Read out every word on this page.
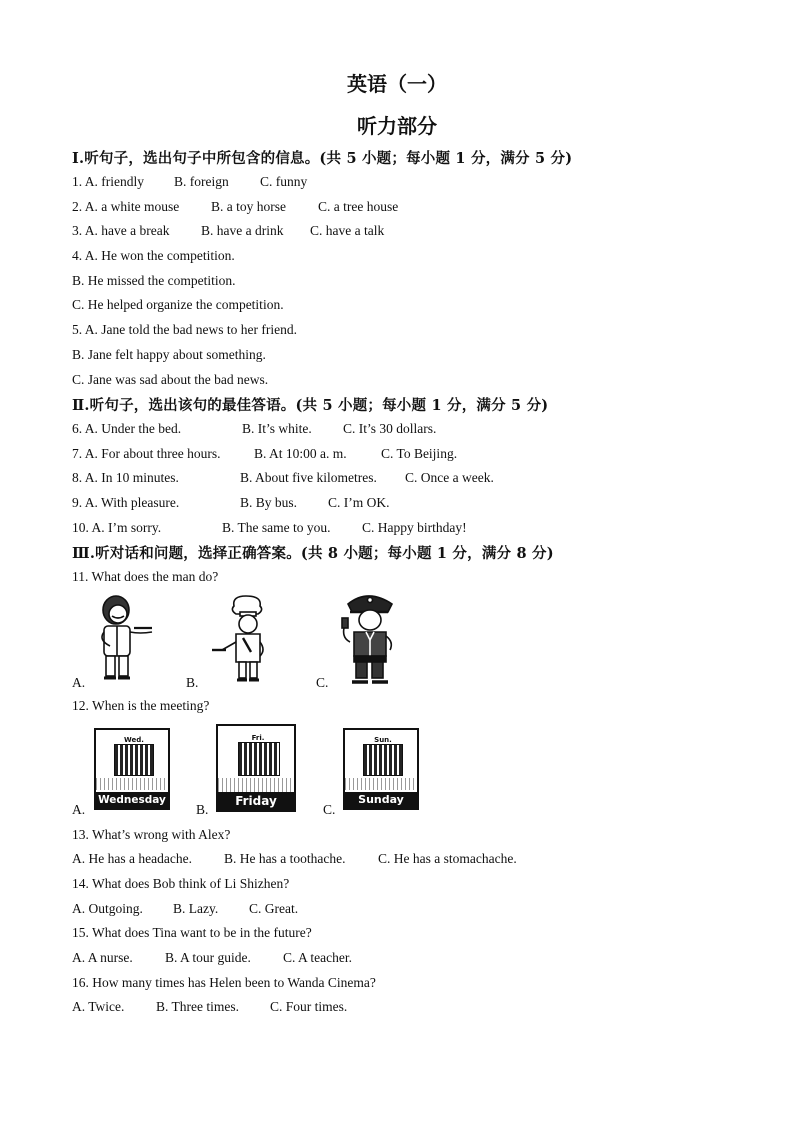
英语（一）
听力部分
Ⅰ.听句子，选出句子中所包含的信息。(共 5 小题；每小题 1 分，满分 5 分)
1. A. friendly B. foreign C. funny
2. A. a white mouse B. a toy horse C. a tree house
3. A. have a break B. have a drink C. have a talk
4. A. He won the competition.
B. He missed the competition.
C. He helped organize the competition.
5. A. Jane told the bad news to her friend.
B. Jane felt happy about something.
C. Jane was sad about the bad news.
Ⅱ.听句子，选出该句的最佳答语。(共 5 小题；每小题 1 分，满分 5 分)
6. A. Under the bed.	B. It’s white. C. It’s 30 dollars.
7. A. For about three hours. B. At 10:00 a. m.	C. To Beijing.
8. A. In 10 minutes.	B. About five kilometres. C. Once a week.
9. A. With pleasure.	B. By bus. C. I’m OK.
10. A. I’m sorry.	B. The same to you. C. Happy birthday!
Ⅲ.听对话和问题，选择正确答案。(共 8 小题；每小题 1 分，满分 8 分)
11. What does the man do?
A.	B.	C.
12. When is the meeting?
Wed.
Wednesday
A.
Fri.
Friday
B.
Sun.
Sunday
C.
13. What’s wrong with Alex?
A. He has a headache. B. He has a toothache. C. He has a stomachache.
14. What does Bob think of Li Shizhen?
A. Outgoing. B. Lazy. C. Great.
15. What does Tina want to be in the future?
A. A nurse. B. A tour guide. C. A teacher.
16. How many times has Helen been to Wanda Cinema?
A. Twice. B. Three times. C. Four times.
